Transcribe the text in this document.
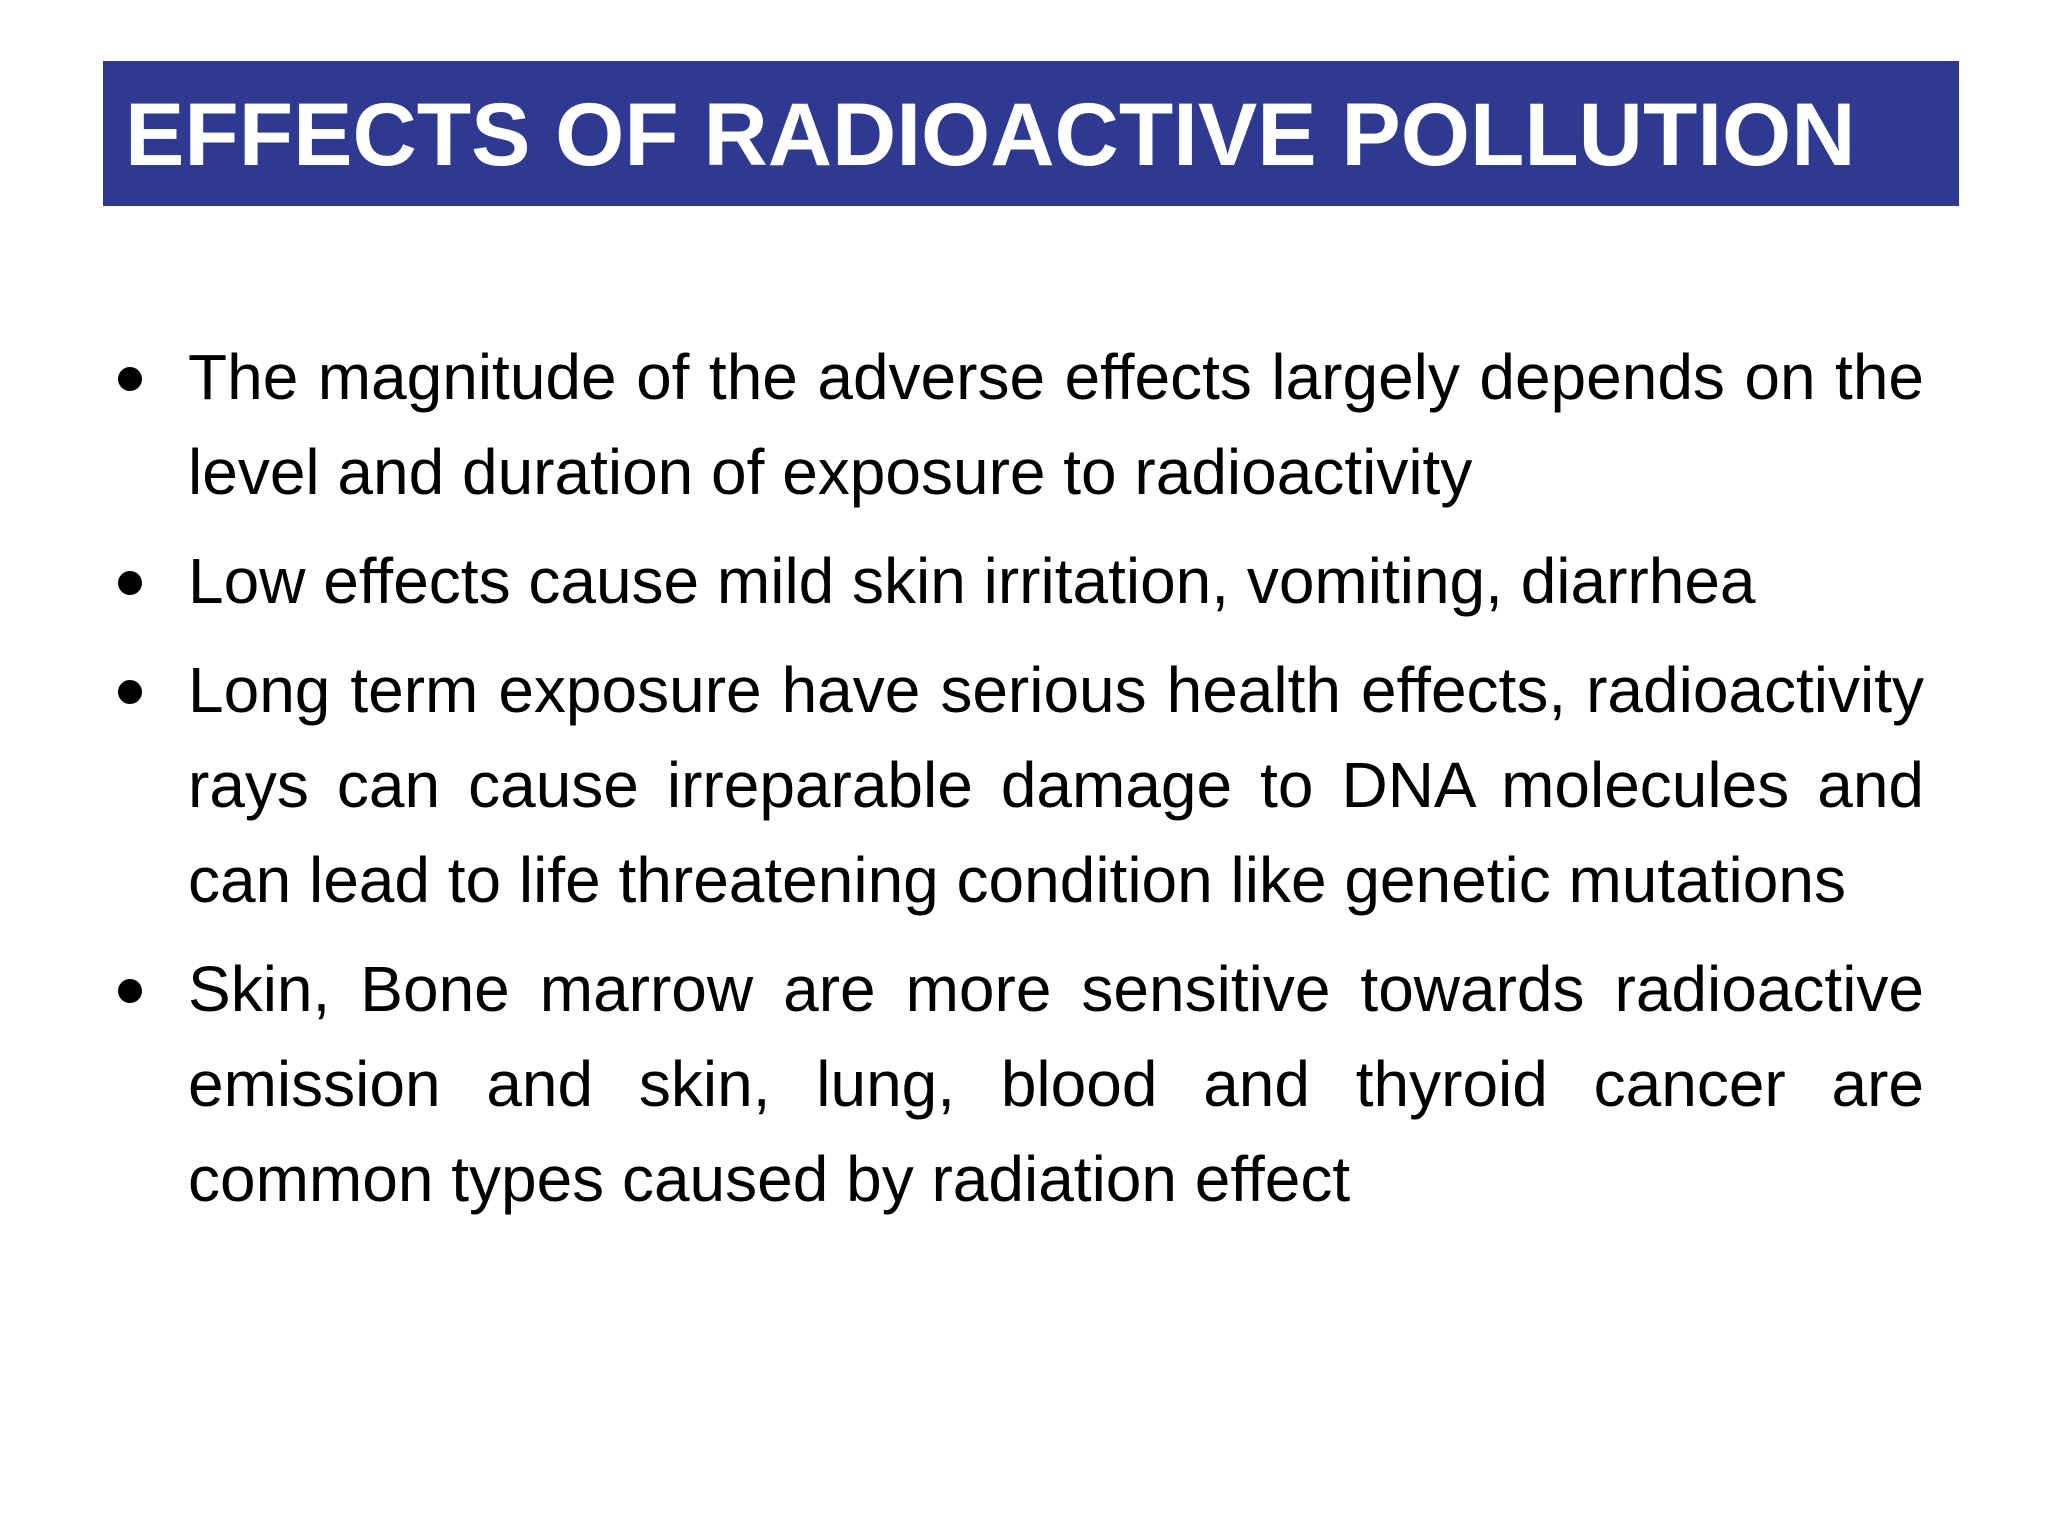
EFFECTS OF RADIOACTIVE POLLUTION
The magnitude of the adverse effects largely depends on the level and duration of exposure to radioactivity
Low effects cause mild skin irritation, vomiting, diarrhea
Long term exposure have serious health effects, radioactivity rays can cause irreparable damage to DNA molecules and can lead to life threatening condition like genetic mutations
Skin, Bone marrow are more sensitive towards radioactive emission and skin, lung, blood and thyroid cancer are common types caused by radiation effect
